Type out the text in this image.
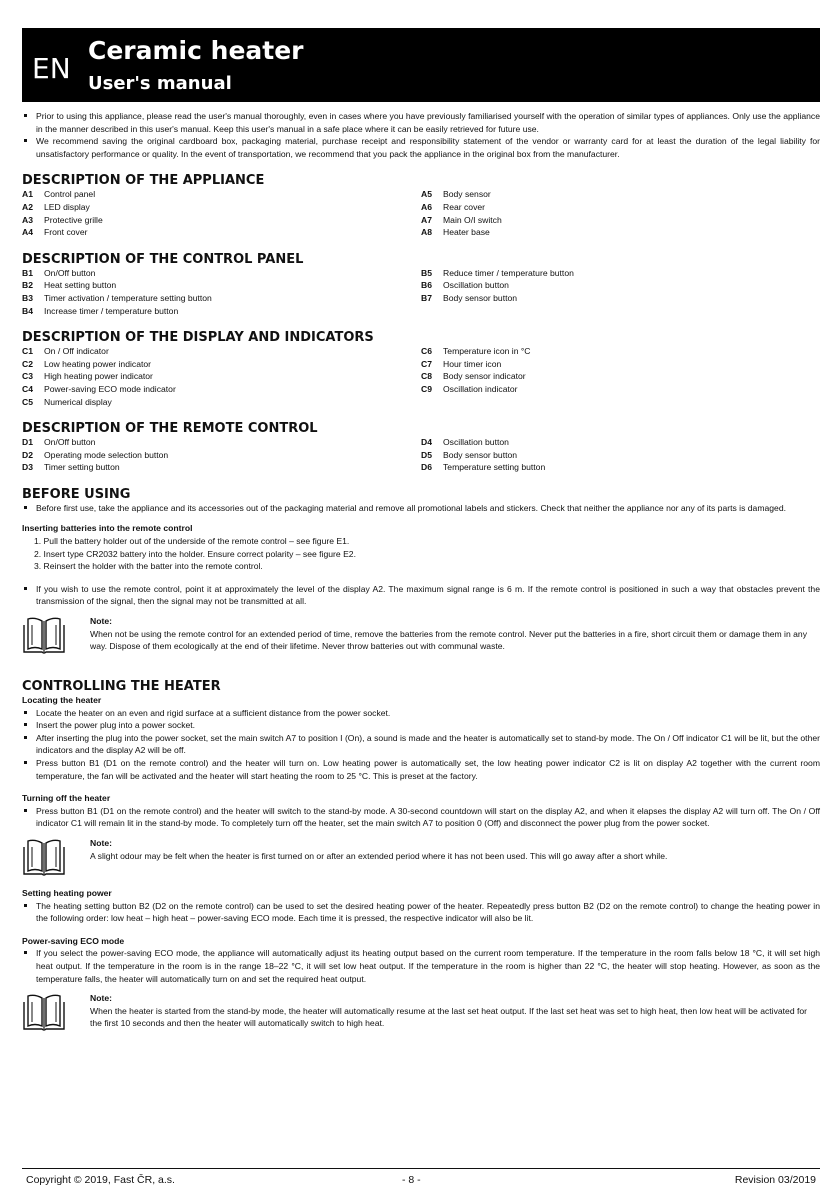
EN
Ceramic heater
User's manual
Prior to using this appliance, please read the user's manual thoroughly, even in cases where you have previously familiarised yourself with the operation of similar types of appliances. Only use the appliance in the manner described in this user's manual. Keep this user's manual in a safe place where it can be easily retrieved for future use.
We recommend saving the original cardboard box, packaging material, purchase receipt and responsibility statement of the vendor or warranty card for at least the duration of the legal liability for unsatisfactory performance or quality. In the event of transportation, we recommend that you pack the appliance in the original box from the manufacturer.
DESCRIPTION OF THE APPLIANCE
A1	Control panel
A2	LED display
A3	Protective grille
A4	Front cover
A5	Body sensor
A6	Rear cover
A7	Main O/I switch
A8	Heater base
DESCRIPTION OF THE CONTROL PANEL
B1	On/Off button
B2	Heat setting button
B3	Timer activation / temperature setting button
B4	Increase timer / temperature button
B5	Reduce timer / temperature button
B6	Oscillation button
B7	Body sensor button
DESCRIPTION OF THE DISPLAY AND INDICATORS
C1	On / Off indicator
C2	Low heating power indicator
C3	High heating power indicator
C4	Power-saving ECO mode indicator
C5	Numerical display
C6	Temperature icon in °C
C7	Hour timer icon
C8	Body sensor indicator
C9	Oscillation indicator
DESCRIPTION OF THE REMOTE CONTROL
D1	On/Off button
D2	Operating mode selection button
D3	Timer setting button
D4	Oscillation button
D5	Body sensor button
D6	Temperature setting button
BEFORE USING
Before first use, take the appliance and its accessories out of the packaging material and remove all promotional labels and stickers. Check that neither the appliance nor any of its parts is damaged.
Inserting batteries into the remote control
1. Pull the battery holder out of the underside of the remote control – see figure E1.
2. Insert type CR2032 battery into the holder. Ensure correct polarity – see figure E2.
3. Reinsert the holder with the batter into the remote control.
If you wish to use the remote control, point it at approximately the level of the display A2. The maximum signal range is 6 m. If the remote control is positioned in such a way that obstacles prevent the transmission of the signal, then the signal may not be transmitted at all.
Note:
When not be using the remote control for an extended period of time, remove the batteries from the remote control. Never put the batteries in a fire, short circuit them or damage them in any way. Dispose of them ecologically at the end of their lifetime. Never throw batteries out with communal waste.
CONTROLLING THE HEATER
Locating the heater
Locate the heater on an even and rigid surface at a sufficient distance from the power socket.
Insert the power plug into a power socket.
After inserting the plug into the power socket, set the main switch A7 to position I (On), a sound is made and the heater is automatically set to stand-by mode. The On / Off indicator C1 will be lit, but the other indicators and the display A2 will be off.
Press button B1 (D1 on the remote control) and the heater will turn on. Low heating power is automatically set, the low heating power indicator C2 is lit on display A2 together with the current room temperature, the fan will be activated and the heater will start heating the room to 25 °C. This is preset at the factory.
Turning off the heater
Press button B1 (D1 on the remote control) and the heater will switch to the stand-by mode. A 30-second countdown will start on the display A2, and when it elapses the display A2 will turn off. The On / Off indicator C1 will remain lit in the stand-by mode. To completely turn off the heater, set the main switch A7 to position 0 (Off) and disconnect the power plug from the power socket.
Note:
A slight odour may be felt when the heater is first turned on or after an extended period where it has not been used. This will go away after a short while.
Setting heating power
The heating setting button B2 (D2 on the remote control) can be used to set the desired heating power of the heater. Repeatedly press button B2 (D2 on the remote control) to change the heating power in the following order: low heat – high heat – power-saving ECO mode. Each time it is pressed, the respective indicator will also be lit.
Power-saving ECO mode
If you select the power-saving ECO mode, the appliance will automatically adjust its heating output based on the current room temperature. If the temperature in the room falls below 18 °C, it will set high heat output. If the temperature in the room is in the range 18–22 °C, it will set low heat output. If the temperature in the room is higher than 22 °C, the heater will stop heating. However, as soon as the temperature falls, the heater will automatically turn on and set the required heat output.
Note:
When the heater is started from the stand-by mode, the heater will automatically resume at the last set heat output. If the last set heat was set to high heat, then low heat will be activated for the first 10 seconds and then the heater will automatically switch to high heat.
Copyright © 2019, Fast ČR, a.s.	- 8 -	Revision 03/2019
